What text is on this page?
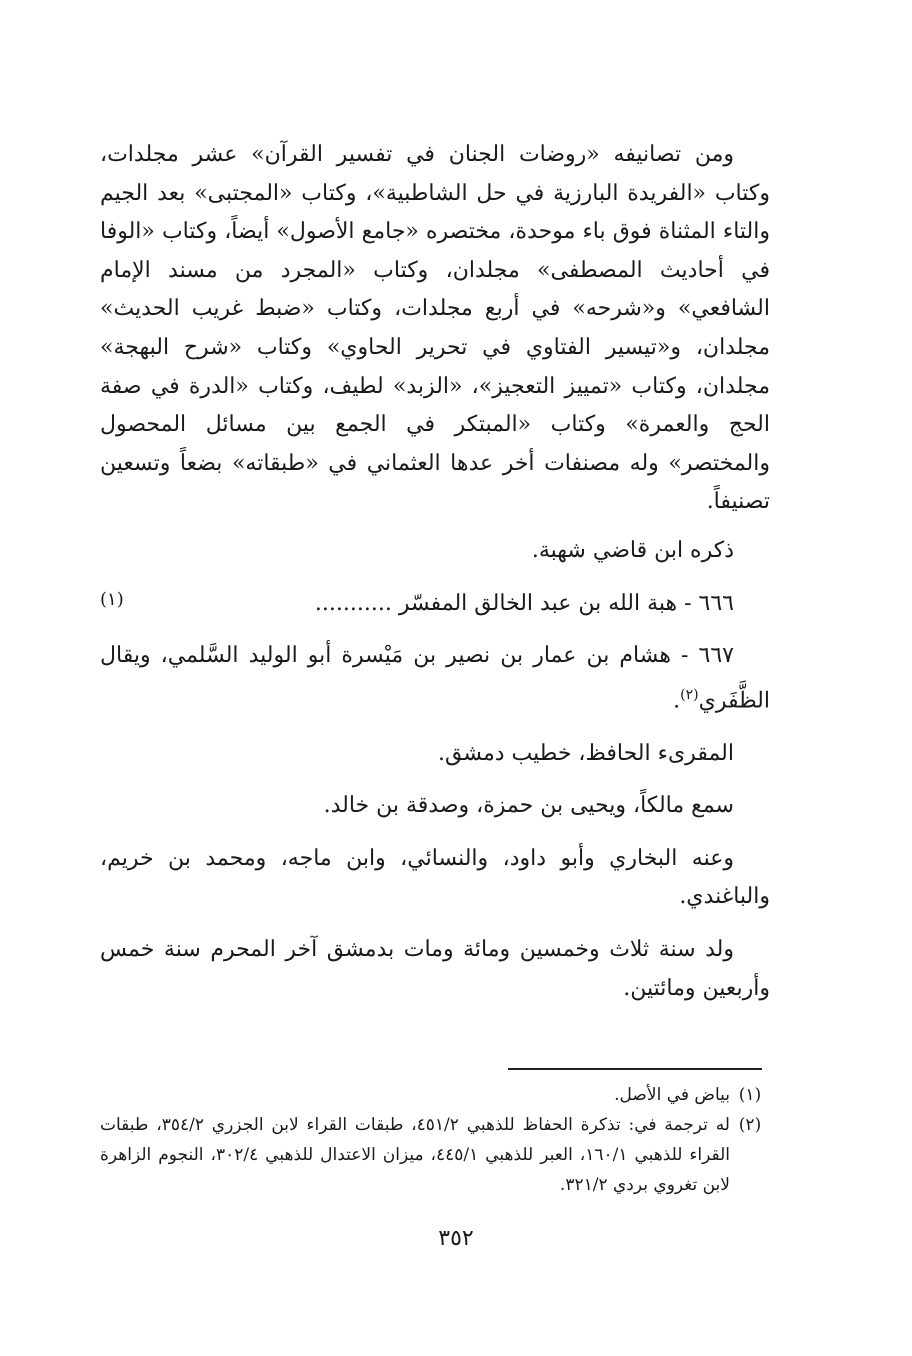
ومن تصانيفه «روضات الجنان في تفسير القرآن» عشر مجلدات، وكتاب «الفريدة البارزية في حل الشاطبية»، وكتاب «المجتبى» بعد الجيم والتاء المثناة فوق باء موحدة، مختصره «جامع الأصول» أيضاً، وكتاب «الوفا في أحاديث المصطفى» مجلدان، وكتاب «المجرد من مسند الإمام الشافعي» و«شرحه» في أربع مجلدات، وكتاب «ضبط غريب الحديث» مجلدان، و«تيسير الفتاوي في تحرير الحاوي» وكتاب «شرح البهجة» مجلدان، وكتاب «تمييز التعجيز»، «الزبد» لطيف، وكتاب «الدرة في صفة الحج والعمرة» وكتاب «المبتكر في الجمع بين مسائل المحصول والمختصر» وله مصنفات أخر عدها العثماني في «طبقاته» بضعاً وتسعين تصنيفاً.

ذكره ابن قاضي شهبة.

٦٦٦ - هبة الله بن عبد الخالق المفسّر ...........
(١)

٦٦٧ - هشام بن عمار بن نصير بن مَيْسرة أبو الوليد السَّلمي، ويقال الظَّفَري$^{(٢)}$.

المقرىء الحافظ، خطيب دمشق.

سمع مالكاً، ويحيى بن حمزة، وصدقة بن خالد.

وعنه البخاري وأبو داود، والنسائي، وابن ماجه، ومحمد بن خريم، والباغندي.

ولد سنة ثلاث وخمسين ومائة ومات بدمشق آخر المحرم سنة خمس وأربعين ومائتين.

(١)
بياض في الأصل.
(٢)
له ترجمة في: تذكرة الحفاظ للذهبي ٤٥١/٢، طبقات القراء لابن الجزري ٣٥٤/٢، طبقات القراء للذهبي ١٦٠/١، العبر للذهبي ٤٤٥/١، ميزان الاعتدال للذهبي ٣٠٢/٤، النجوم الزاهرة لابن تغروي بردي ٣٢١/٢.
٣٥٢
